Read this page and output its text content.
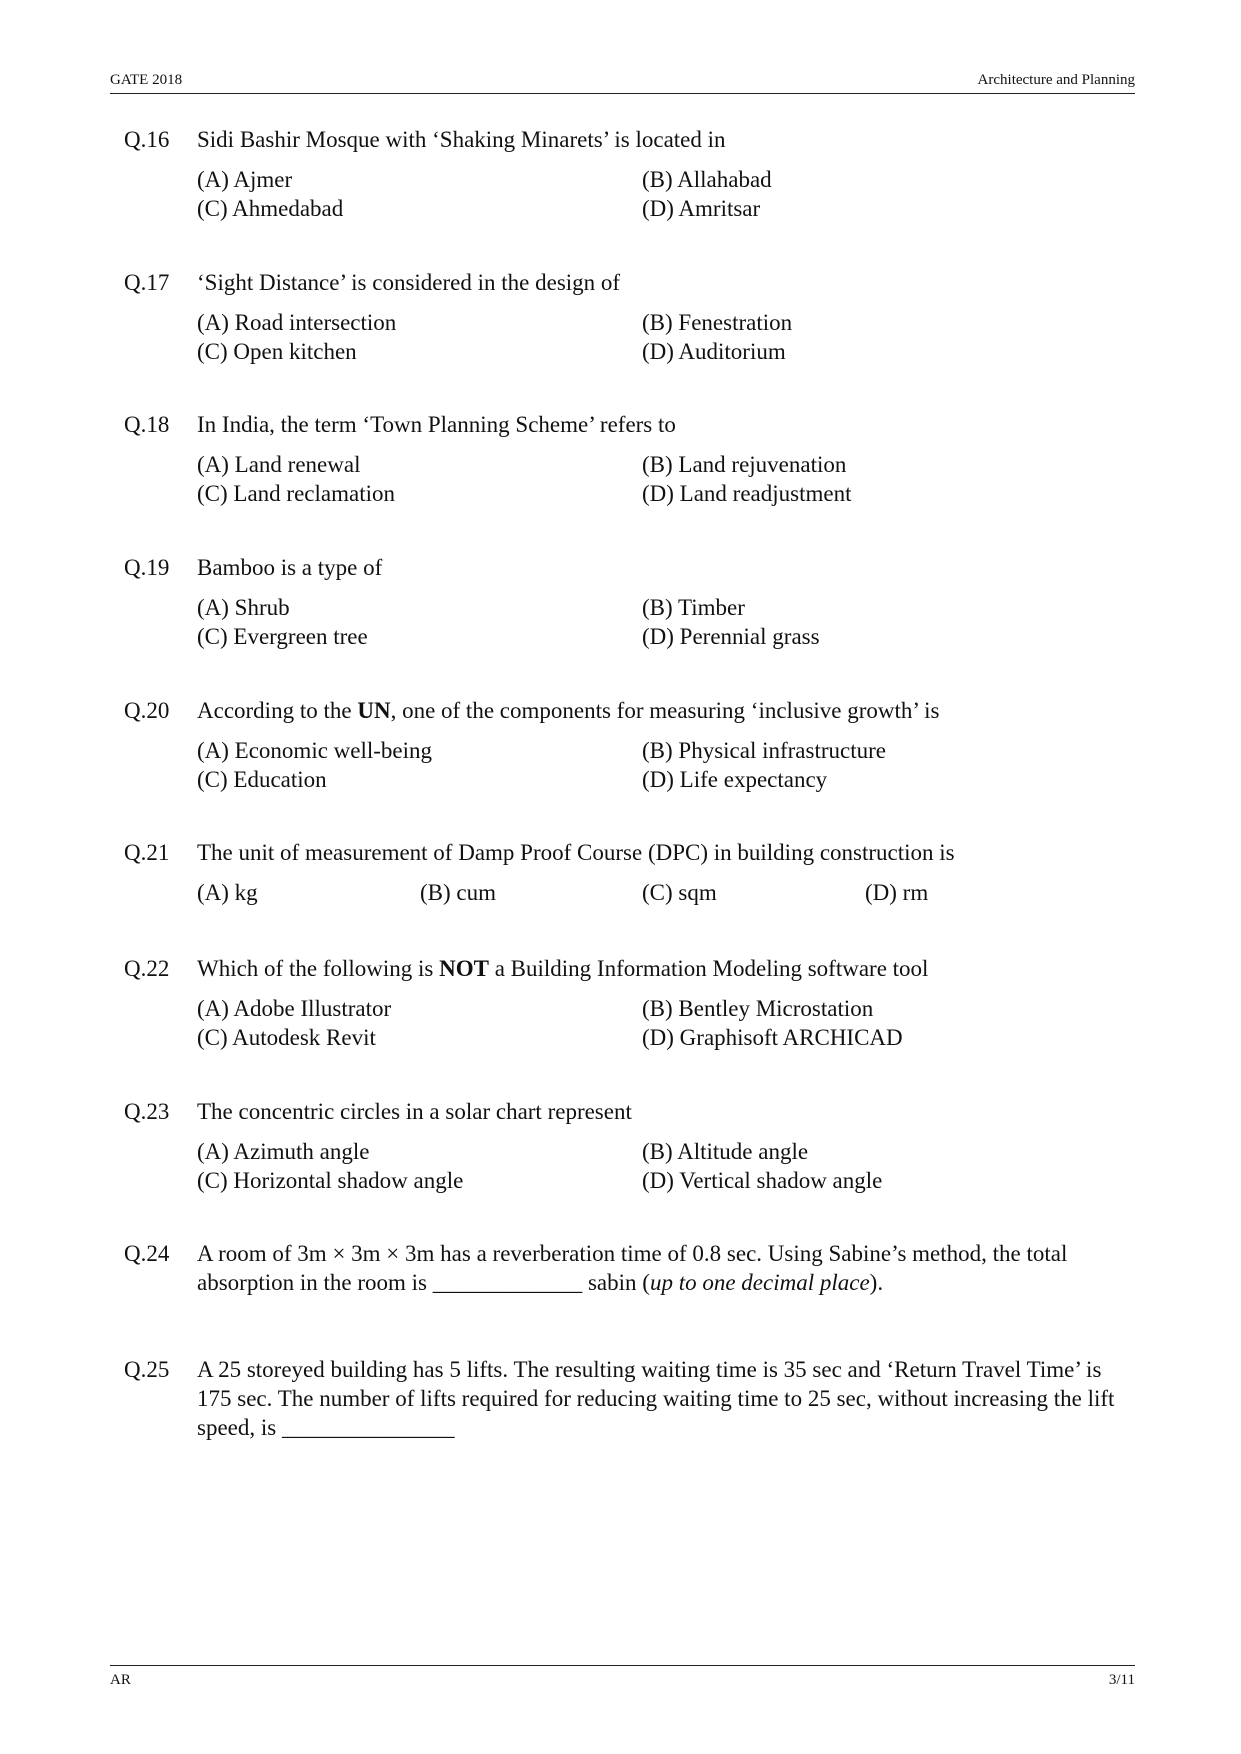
GATE 2018	Architecture and Planning
Q.16 Sidi Bashir Mosque with ‘Shaking Minarets’ is located in
(A) Ajmer	(B) Allahabad
(C) Ahmedabad	(D) Amritsar
Q.17 ‘Sight Distance’ is considered in the design of
(A) Road intersection	(B) Fenestration
(C) Open kitchen	(D) Auditorium
Q.18 In India, the term ‘Town Planning Scheme’ refers to
(A) Land renewal	(B) Land rejuvenation
(C) Land reclamation	(D) Land readjustment
Q.19 Bamboo is a type of
(A) Shrub	(B) Timber
(C) Evergreen tree	(D) Perennial grass
Q.20 According to the UN, one of the components for measuring ‘inclusive growth’ is
(A) Economic well-being	(B) Physical infrastructure
(C) Education	(D) Life expectancy
Q.21 The unit of measurement of Damp Proof Course (DPC) in building construction is
(A) kg	(B) cum	(C) sqm	(D) rm
Q.22 Which of the following is NOT a Building Information Modeling software tool
(A) Adobe Illustrator	(B) Bentley Microstation
(C) Autodesk Revit	(D) Graphisoft ARCHICAD
Q.23 The concentric circles in a solar chart represent
(A) Azimuth angle	(B) Altitude angle
(C) Horizontal shadow angle	(D) Vertical shadow angle
Q.24 A room of 3m × 3m × 3m has a reverberation time of 0.8 sec. Using Sabine’s method, the total absorption in the room is _____________ sabin (up to one decimal place).
Q.25 A 25 storeyed building has 5 lifts. The resulting waiting time is 35 sec and ‘Return Travel Time’ is 175 sec. The number of lifts required for reducing waiting time to 25 sec, without increasing the lift speed, is _______________
AR	3/11
